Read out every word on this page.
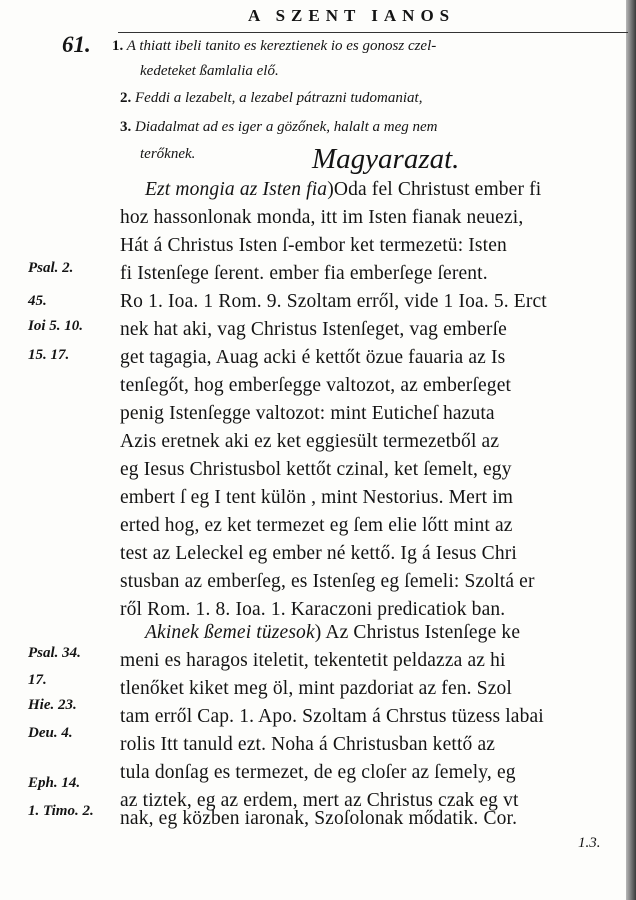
A SZENT IANOS
61. 1. A thiatt ibeli tanito es kereztienek io es gonosz czel-
kedeteket ßamlalia elő.
2. Feddi a lezabelt, a lezabel pátrazni tudomaniat,
3. Diadalmat ad es iger a gözőnek, halalt a meg nem
terőknek.	Magyarazat.
Ezt mongia az Isten fia)Oda fel Christust ember fi
hoz hassonlonak monda, itt im Isten fianak neuezi,
Hát á Christus Isten ſ-embor ket termezetü: Isten
fi Istenſege ſerent. ember fia emberſege ſerent.
Ro 1. Ioa. 1 Rom. 9. Szoltam erről, vide 1 Ioa. 5. Erct
nek hat aki, vag Christus Istenſeget, vag emberſe
get tagagia, Auag acki é kettőt özue fauaria az Is
tenſegőt, hog emberſegge valtozot, az emberſeget
penig Istenſegge valtozot: mint Euticheſ hazuta
Azis eretnek aki ez ket eggiesült termezetből az
eg Iesus Christusbol kettőt czinal, ket ſemelt, egy
embert ſ eg I tent külön , mint Nestorius. Mert im
erted hog, ez ket termezet eg ſem elie lőtt mint az
test az Leleckel eg ember né kettő. Ig á Iesus Chri
stusban az emberſeg, es Istenſeg eg ſemeli: Szoltá er
ről Rom. 1. 8. Ioa. 1. Karaczoni predicatiok ban.
Akinek ßemei tüzesok) Az Christus Istenſege ke
meni es haragos iteletit, tekentetit peldazza az hi
tlenőket kiket meg öl, mint pazdoriat az fen. Szol
tam erről Cap. 1. Apo. Szoltam á Chrstus tüzess labai
rolis Itt tanuld ezt. Noha á Christusban kettő az
tula donſag es termezet, de eg cloſer az ſemely, eg
az tiztek, eg az erdem, mert az Christus czak eg vt
nak, eg közben iaronak, Szoſolonak mődatik. Cor.
Psal. 2.
45.
Ioi 5. 10.
15. 17.
Psal. 34.
17.
Hie. 23.
Deu. 4.
Eph. 14.
1. Timo. 2.
1.3.
